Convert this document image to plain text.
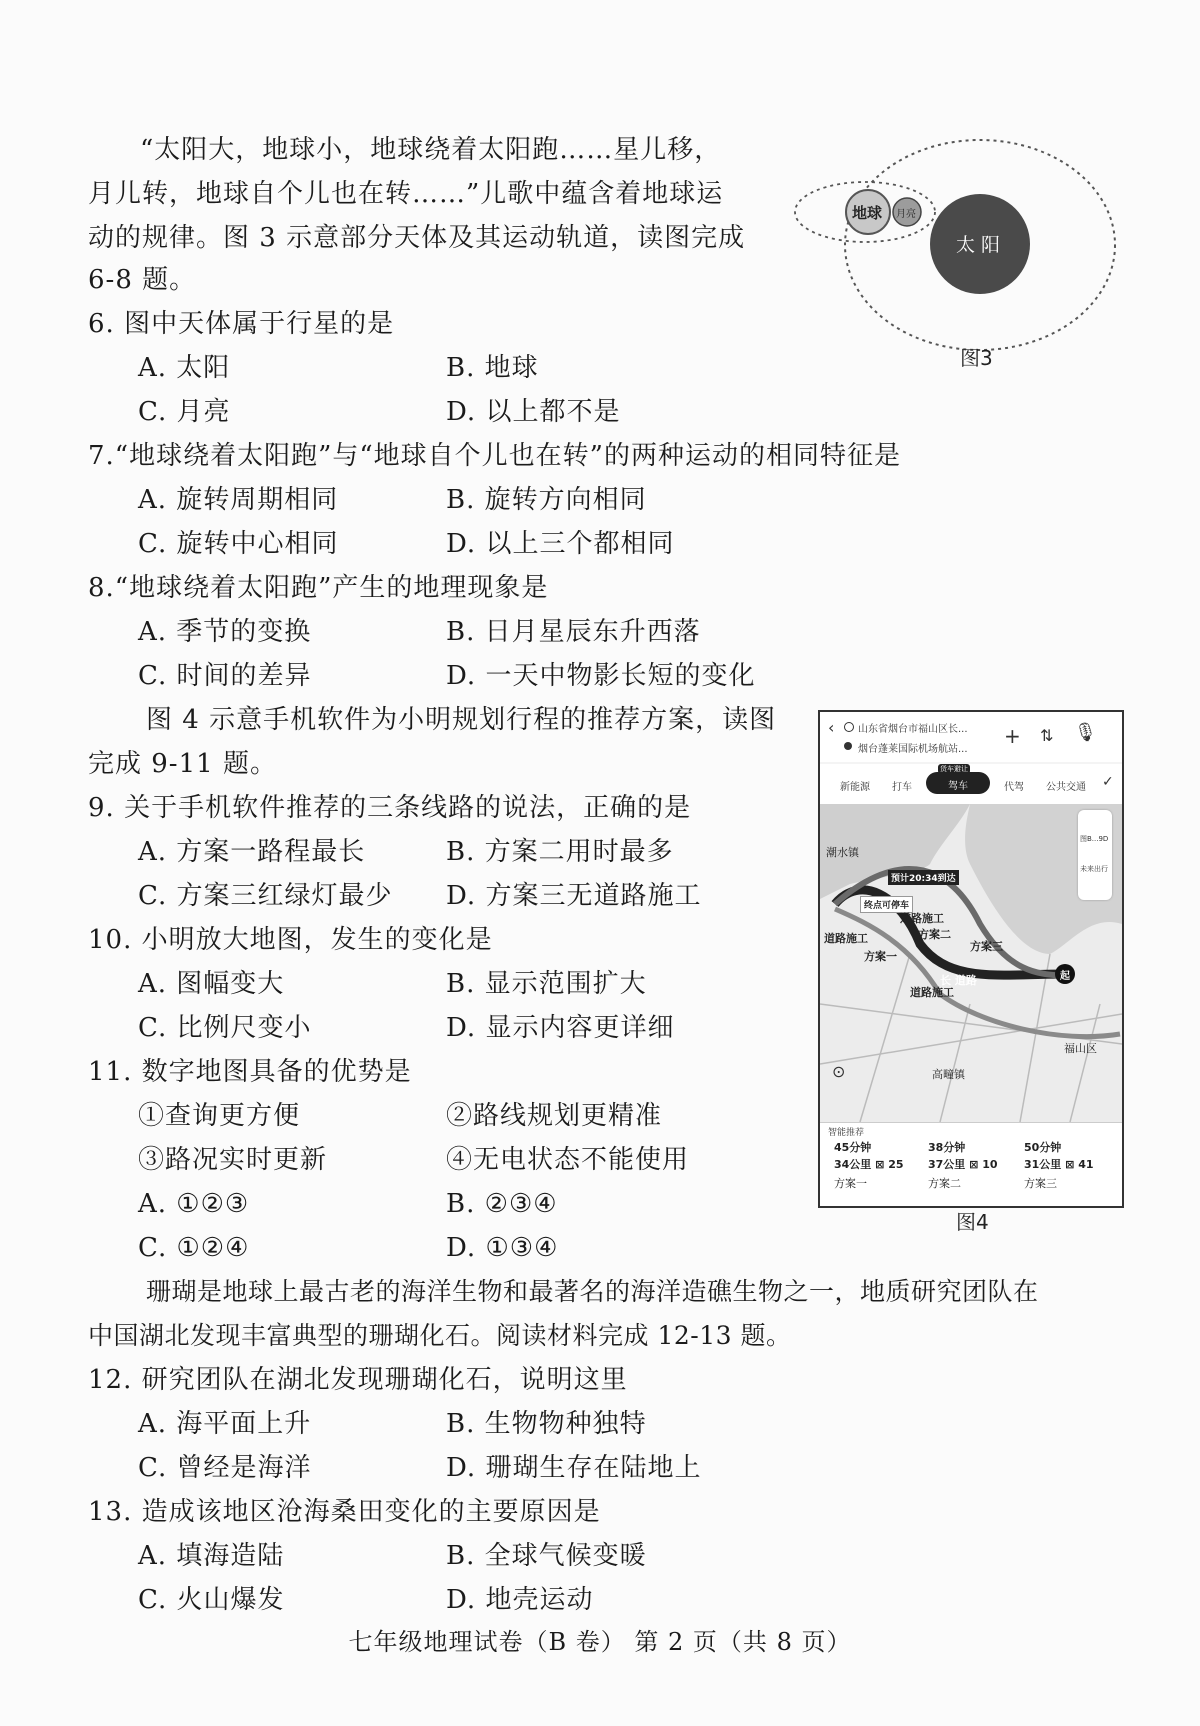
“太阳大，地球小，地球绕着太阳跑……星儿移，
月儿转，地球自个儿也在转……”儿歌中蕴含着地球运
动的规律。图 3 示意部分天体及其运动轨道，读图完成
6-8 题。
地球 月亮
太 阳
图3
6. 图中天体属于行星的是
A. 太阳	B. 地球
C. 月亮	D. 以上都不是
7.“地球绕着太阳跑”与“地球自个儿也在转”的两种运动的相同特征是
A. 旋转周期相同	B. 旋转方向相同
C. 旋转中心相同	D. 以上三个都相同
8.“地球绕着太阳跑”产生的地理现象是
A. 季节的变换	B. 日月星辰东升西落
C. 时间的差异	D. 一天中物影长短的变化
图 4 示意手机软件为小明规划行程的推荐方案，读图
完成 9-11 题。
‹ 山东省烟台市福山区长...
烟台蓬莱国际机场航站...
+ ⇅ 🎙
新能源 打车	驾车
货车避让
代驾 公共交通 ✓
潮水镇
预计20:34到达
终点可停车
道路施工
道路施工	方案二
方案三
方案一
长 道路
道路施工
起
福山区
高疃镇
图B...9D
未来出行
⊙
智能推荐
45分钟
34公里 ⊠ 25
方案一
38分钟
37公里 ⊠ 10
方案二
50分钟
31公里 ⊠ 41
方案三
图4
9. 关于手机软件推荐的三条线路的说法，正确的是
A. 方案一路程最长	B. 方案二用时最多
C. 方案三红绿灯最少 D. 方案三无道路施工
10. 小明放大地图，发生的变化是
A. 图幅变大	B. 显示范围扩大
C. 比例尺变小	D. 显示内容更详细
11. 数字地图具备的优势是
①查询更方便	②路线规划更精准
③路况实时更新	④无电状态不能使用
A. ①②③	B. ②③④
C. ①②④	D. ①③④
珊瑚是地球上最古老的海洋生物和最著名的海洋造礁生物之一，地质研究团队在
中国湖北发现丰富典型的珊瑚化石。阅读材料完成 12-13 题。
12. 研究团队在湖北发现珊瑚化石，说明这里
A. 海平面上升	B. 生物物种独特
C. 曾经是海洋	D. 珊瑚生存在陆地上
13. 造成该地区沧海桑田变化的主要原因是
A. 填海造陆	B. 全球气候变暖
C. 火山爆发	D. 地壳运动
七年级地理试卷（B 卷） 第 2 页（共 8 页）
